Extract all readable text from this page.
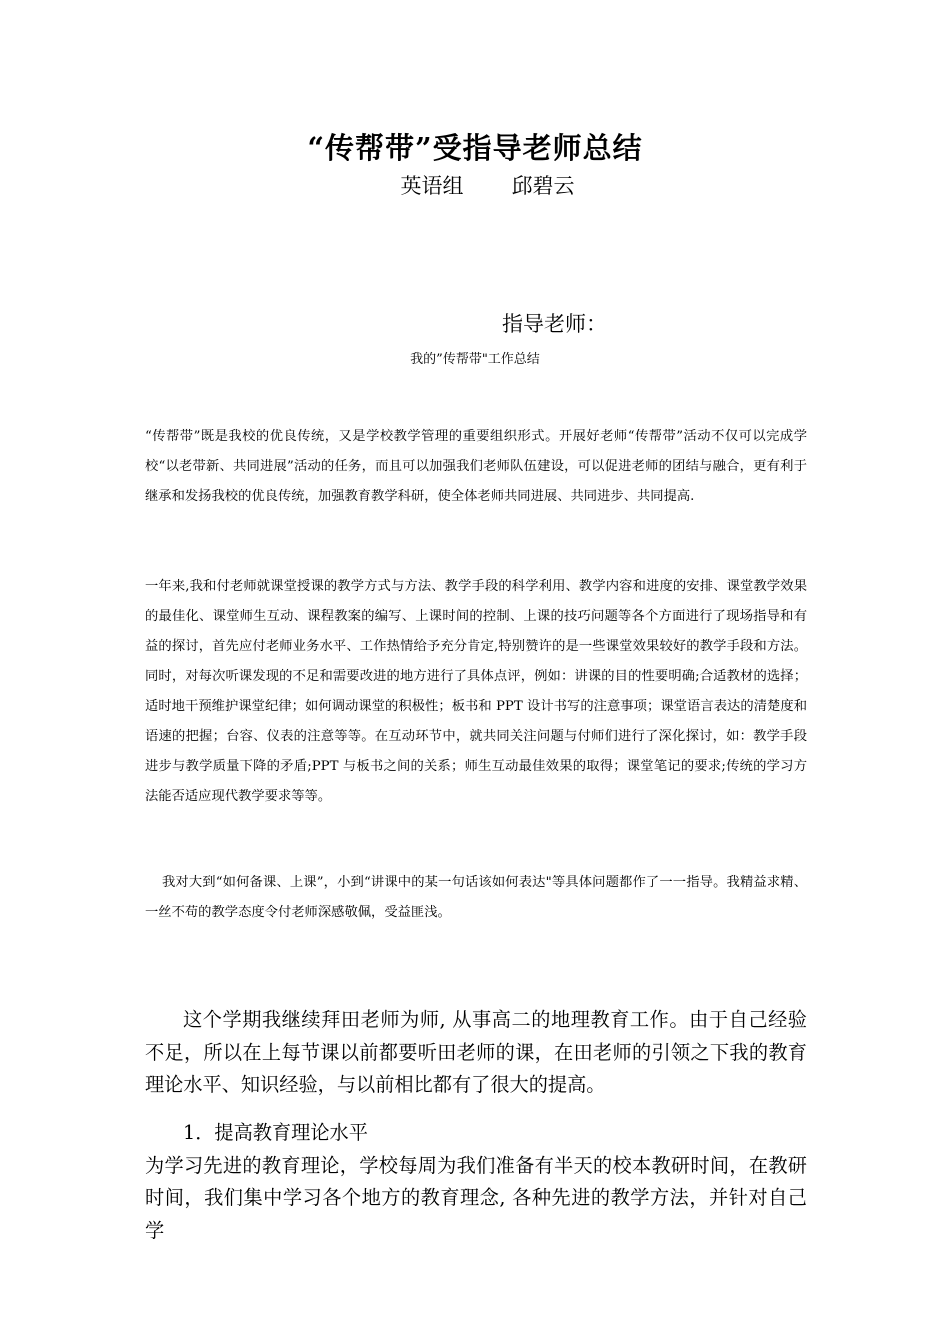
“传帮带”受指导老师总结
英语组 邱碧云
指导老师：
我的”传帮带"工作总结

“传帮带”既是我校的优良传统，又是学校教学管理的重要组织形式。开展好老师“传帮带”活动不仅可以完成学校“以老带新、共同进展”活动的任务，而且可以加强我们老师队伍建设，可以促进老师的团结与融合，更有利于继承和发扬我校的优良传统，加强教育教学科研，使全体老师共同进展、共同进步、共同提高.

一年来,我和付老师就课堂授课的教学方式与方法、教学手段的科学利用、教学内容和进度的安排、课堂教学效果的最佳化、课堂师生互动、课程教案的编写、上课时间的控制、上课的技巧问题等各个方面进行了现场指导和有益的探讨，首先应付老师业务水平、工作热情给予充分肯定,特别赞许的是一些课堂效果较好的教学手段和方法。同时，对每次听课发现的不足和需要改进的地方进行了具体点评，例如：讲课的目的性要明确;合适教材的选择；适时地干预维护课堂纪律；如何调动课堂的积极性；板书和 PPT 设计书写的注意事项；课堂语言表达的清楚度和语速的把握；台容、仪表的注意等等。在互动环节中，就共同关注问题与付师们进行了深化探讨，如：教学手段进步与教学质量下降的矛盾;PPT 与板书之间的关系；师生互动最佳效果的取得；课堂笔记的要求;传统的学习方法能否适应现代教学要求等等。

我对大到“如何备课、上课”，小到“讲课中的某一句话该如何表达"等具体问题都作了一一指导。我精益求精、一丝不苟的教学态度令付老师深感敬佩，受益匪浅。

这个学期我继续拜田老师为师, 从事高二的地理教育工作。由于自己经验不足，所以在上每节课以前都要听田老师的课，在田老师的引领之下我的教育理论水平、知识经验，与以前相比都有了很大的提高。

1．提高教育理论水平

为学习先进的教育理论，学校每周为我们准备有半天的校本教研时间，在教研时间，我们集中学习各个地方的教育理念, 各种先进的教学方法，并针对自己学
